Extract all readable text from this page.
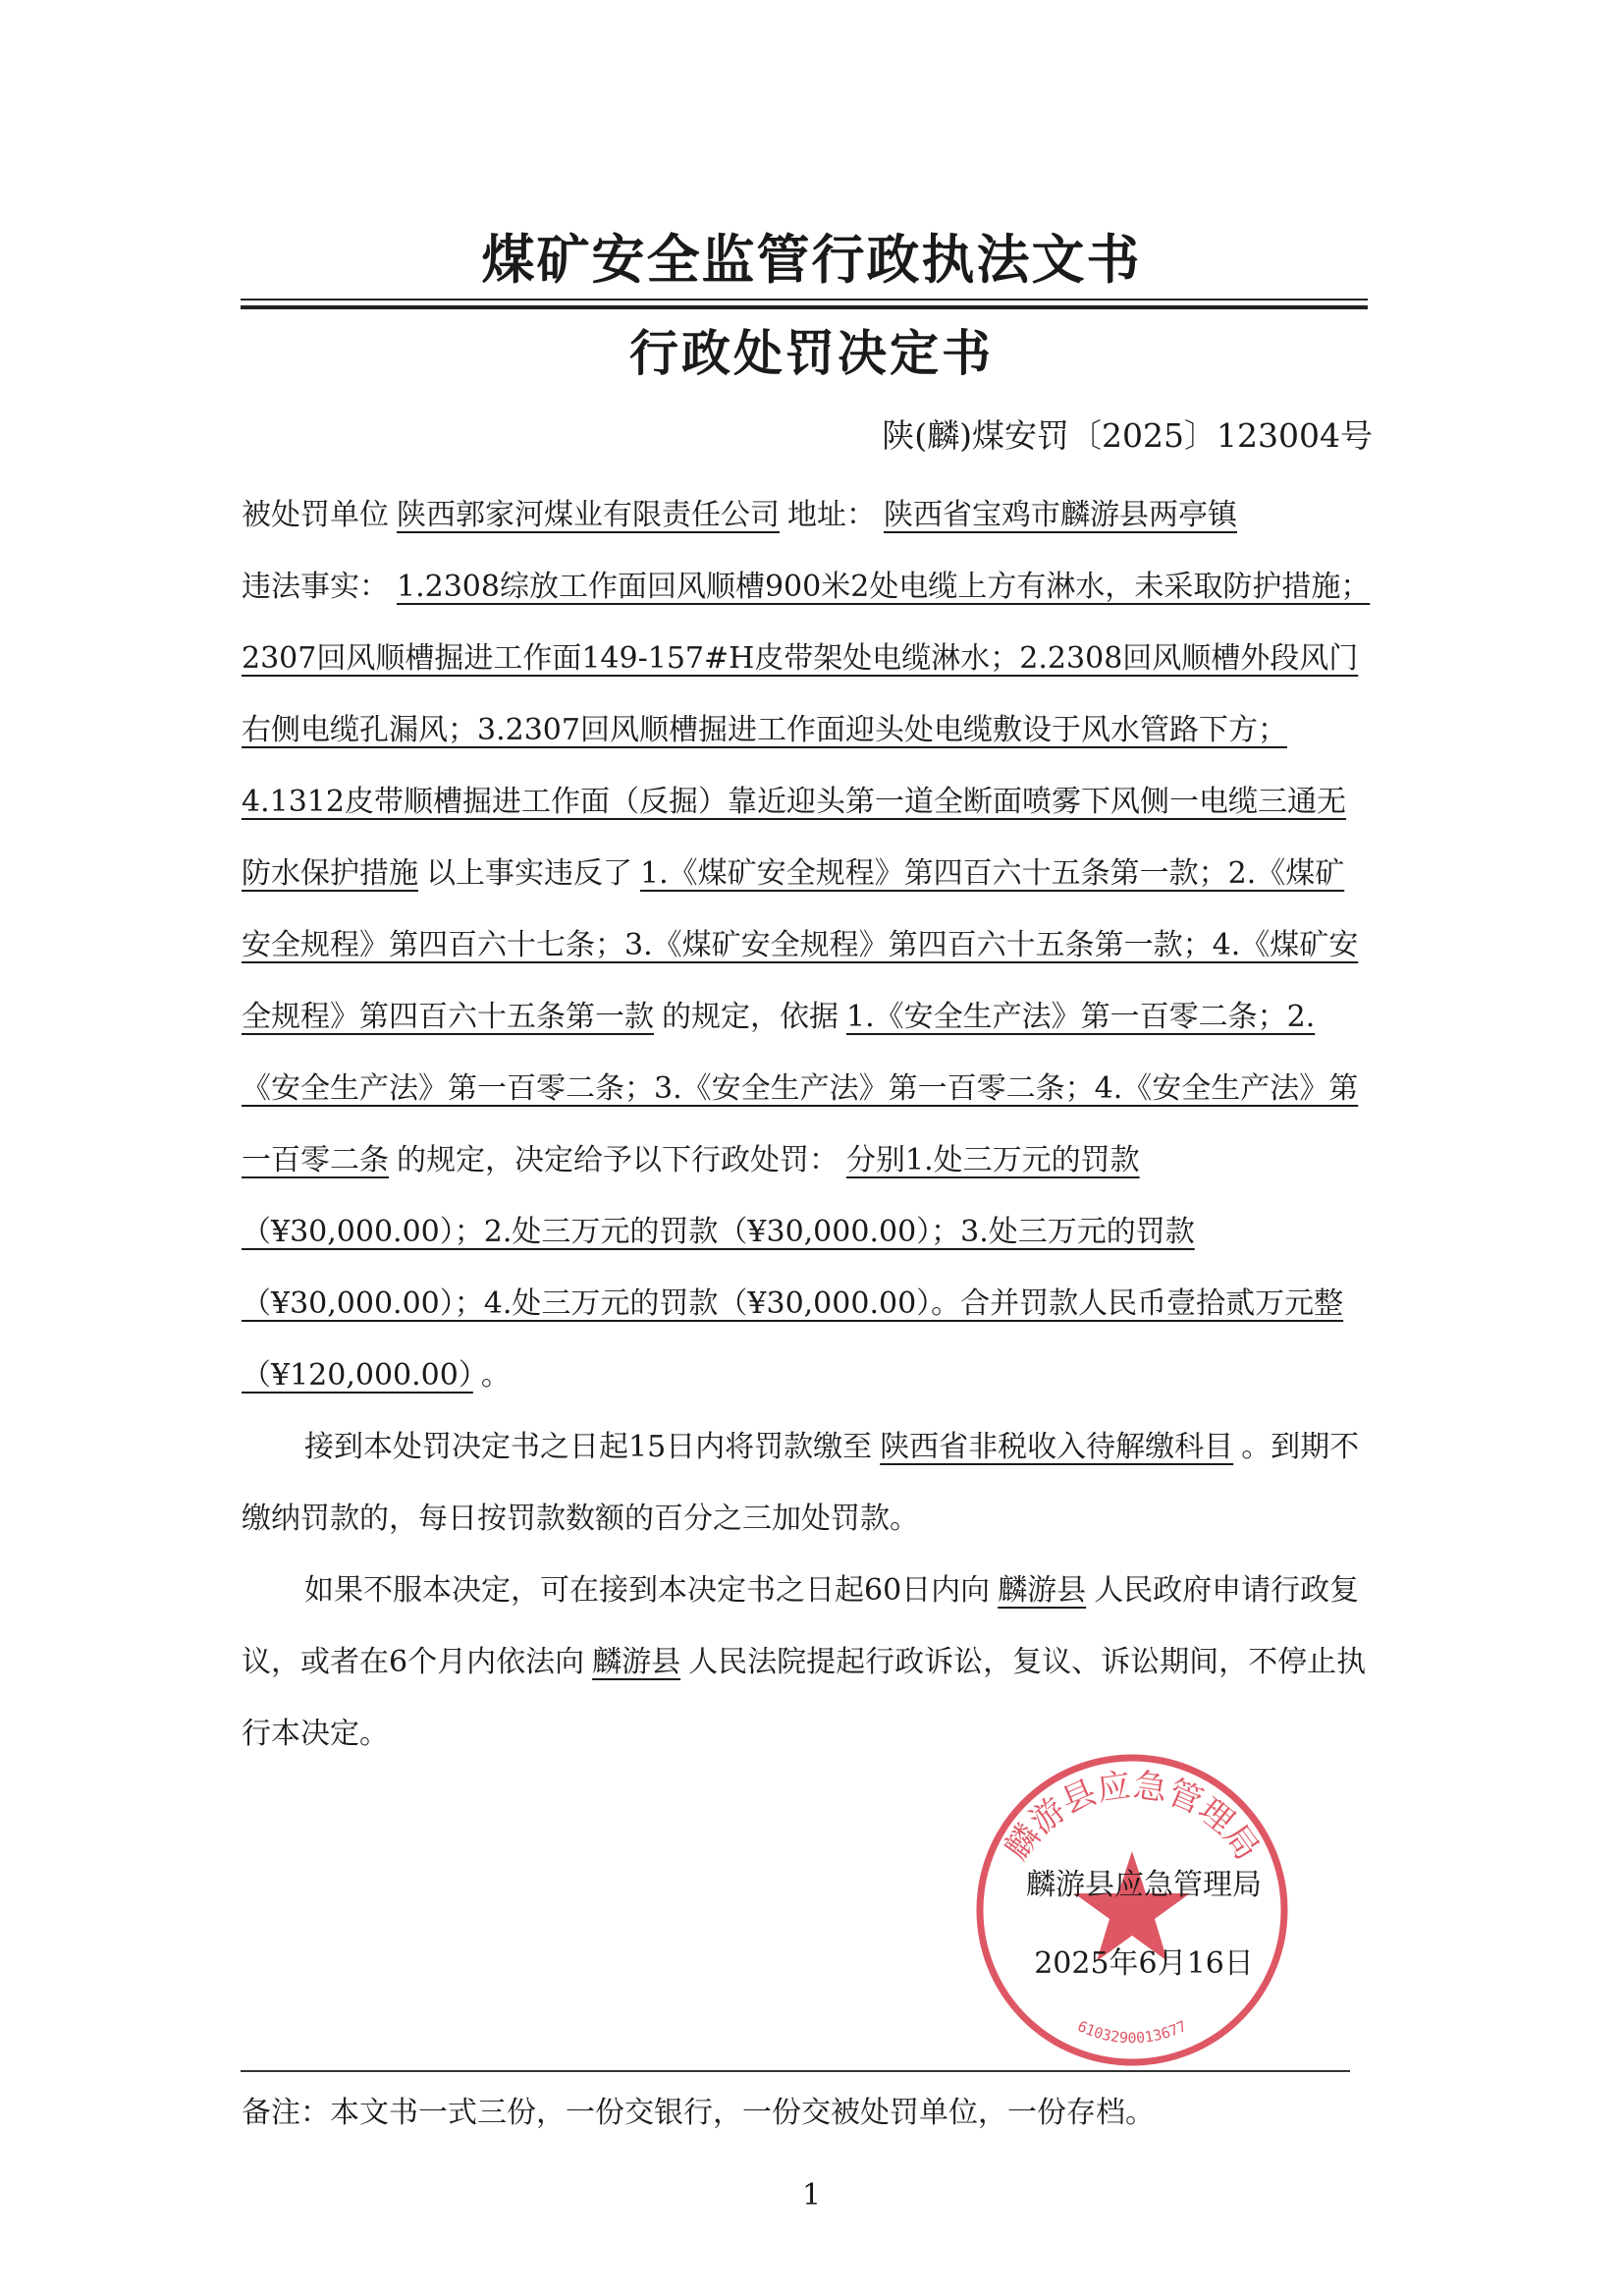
煤矿安全监管行政执法文书
行政处罚决定书
陕(麟)煤安罚〔2025〕123004号

被处罚单位 陕西郭家河煤业有限责任公司 地址： 陕西省宝鸡市麟游县两亭镇

违法事实： 1.2308综放工作面回风顺槽900米2处电缆上方有淋水，未采取防护措施；2307回风顺槽掘进工作面149-157#H皮带架处电缆淋水；2.2308回风顺槽外段风门右侧电缆孔漏风；3.2307回风顺槽掘进工作面迎头处电缆敷设于风水管路下方；4.1312皮带顺槽掘进工作面（反掘）靠近迎头第一道全断面喷雾下风侧一电缆三通无防水保护措施 以上事实违反了 1.《煤矿安全规程》第四百六十五条第一款；2.《煤矿安全规程》第四百六十七条；3.《煤矿安全规程》第四百六十五条第一款；4.《煤矿安全规程》第四百六十五条第一款 的规定，依据 1.《安全生产法》第一百零二条；2.《安全生产法》第一百零二条；3.《安全生产法》第一百零二条；4.《安全生产法》第一百零二条 的规定，决定给予以下行政处罚： 分别1.处三万元的罚款（¥30,000.00）；2.处三万元的罚款（¥30,000.00）；3.处三万元的罚款（¥30,000.00）；4.处三万元的罚款（¥30,000.00）。合并罚款人民币壹拾贰万元整（¥120,000.00） 。

接到本处罚决定书之日起15日内将罚款缴至 陕西省非税收入待解缴科目 。到期不缴纳罚款的，每日按罚款数额的百分之三加处罚款。

如果不服本决定，可在接到本决定书之日起60日内向 麟游县 人民政府申请行政复议，或者在6个月内依法向 麟游县 人民法院提起行政诉讼，复议、诉讼期间，不停止执行本决定。

麟游县应急管理局
6103290013677
麟游县应急管理局
2025年6月16日
备注：本文书一式三份，一份交银行，一份交被处罚单位，一份存档。
1
